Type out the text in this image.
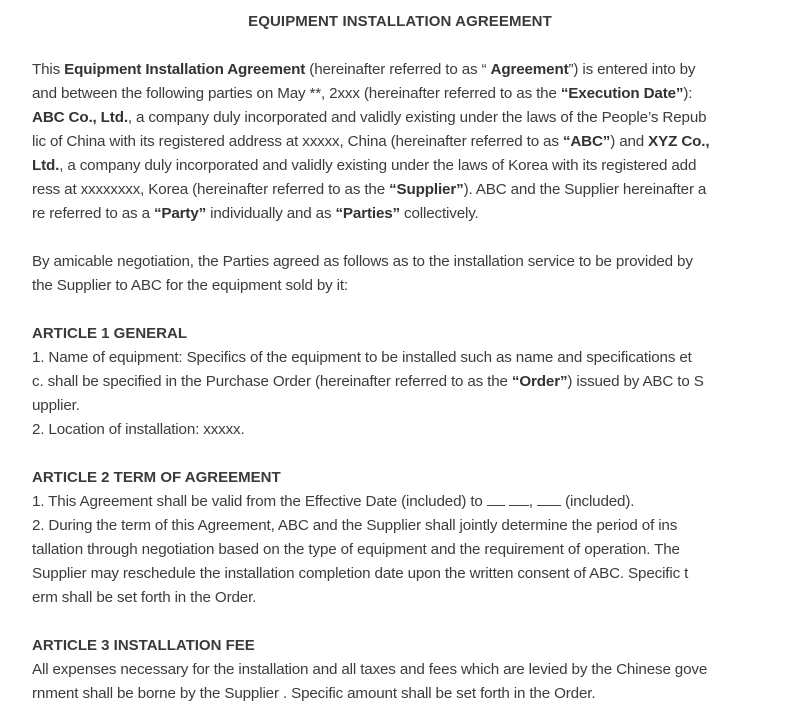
EQUIPMENT INSTALLATION AGREEMENT

This Equipment Installation Agreement (hereinafter referred to as “ Agreement”) is entered into by
and between the following parties on May **, 2xxx (hereinafter referred to as the “Execution Date”):
ABC Co., Ltd., a company duly incorporated and validly existing under the laws of the People’s Repub
lic of China with its registered address at xxxxx, China (hereinafter referred to as “ABC”) and XYZ Co.,
Ltd., a company duly incorporated and validly existing under the laws of Korea with its registered add
ress at xxxxxxxx, Korea (hereinafter referred to as the “Supplier”). ABC and the Supplier hereinafter a
re referred to as a “Party” individually and as “Parties” collectively.

By amicable negotiation, the Parties agreed as follows as to the installation service to be provided by
the Supplier to ABC for the equipment sold by it:

ARTICLE 1 GENERAL

1. Name of equipment: Specifics of the equipment to be installed such as name and specifications et
c. shall be specified in the Purchase Order (hereinafter referred to as the “Order”) issued by ABC to S
upplier.
2. Location of installation: xxxxx.

ARTICLE 2 TERM OF AGREEMENT

1. This Agreement shall be valid from the Effective Date (included) to	,  (included).
2. During the term of this Agreement, ABC and the Supplier shall jointly determine the period of ins
tallation through negotiation based on the type of equipment and the requirement of operation. The
Supplier may reschedule the installation completion date upon the written consent of ABC. Specific t
erm shall be set forth in the Order.

ARTICLE 3 INSTALLATION FEE

All expenses necessary for the installation and all taxes and fees which are levied by the Chinese gove
rnment shall be borne by the Supplier . Specific amount shall be set forth in the Order.
